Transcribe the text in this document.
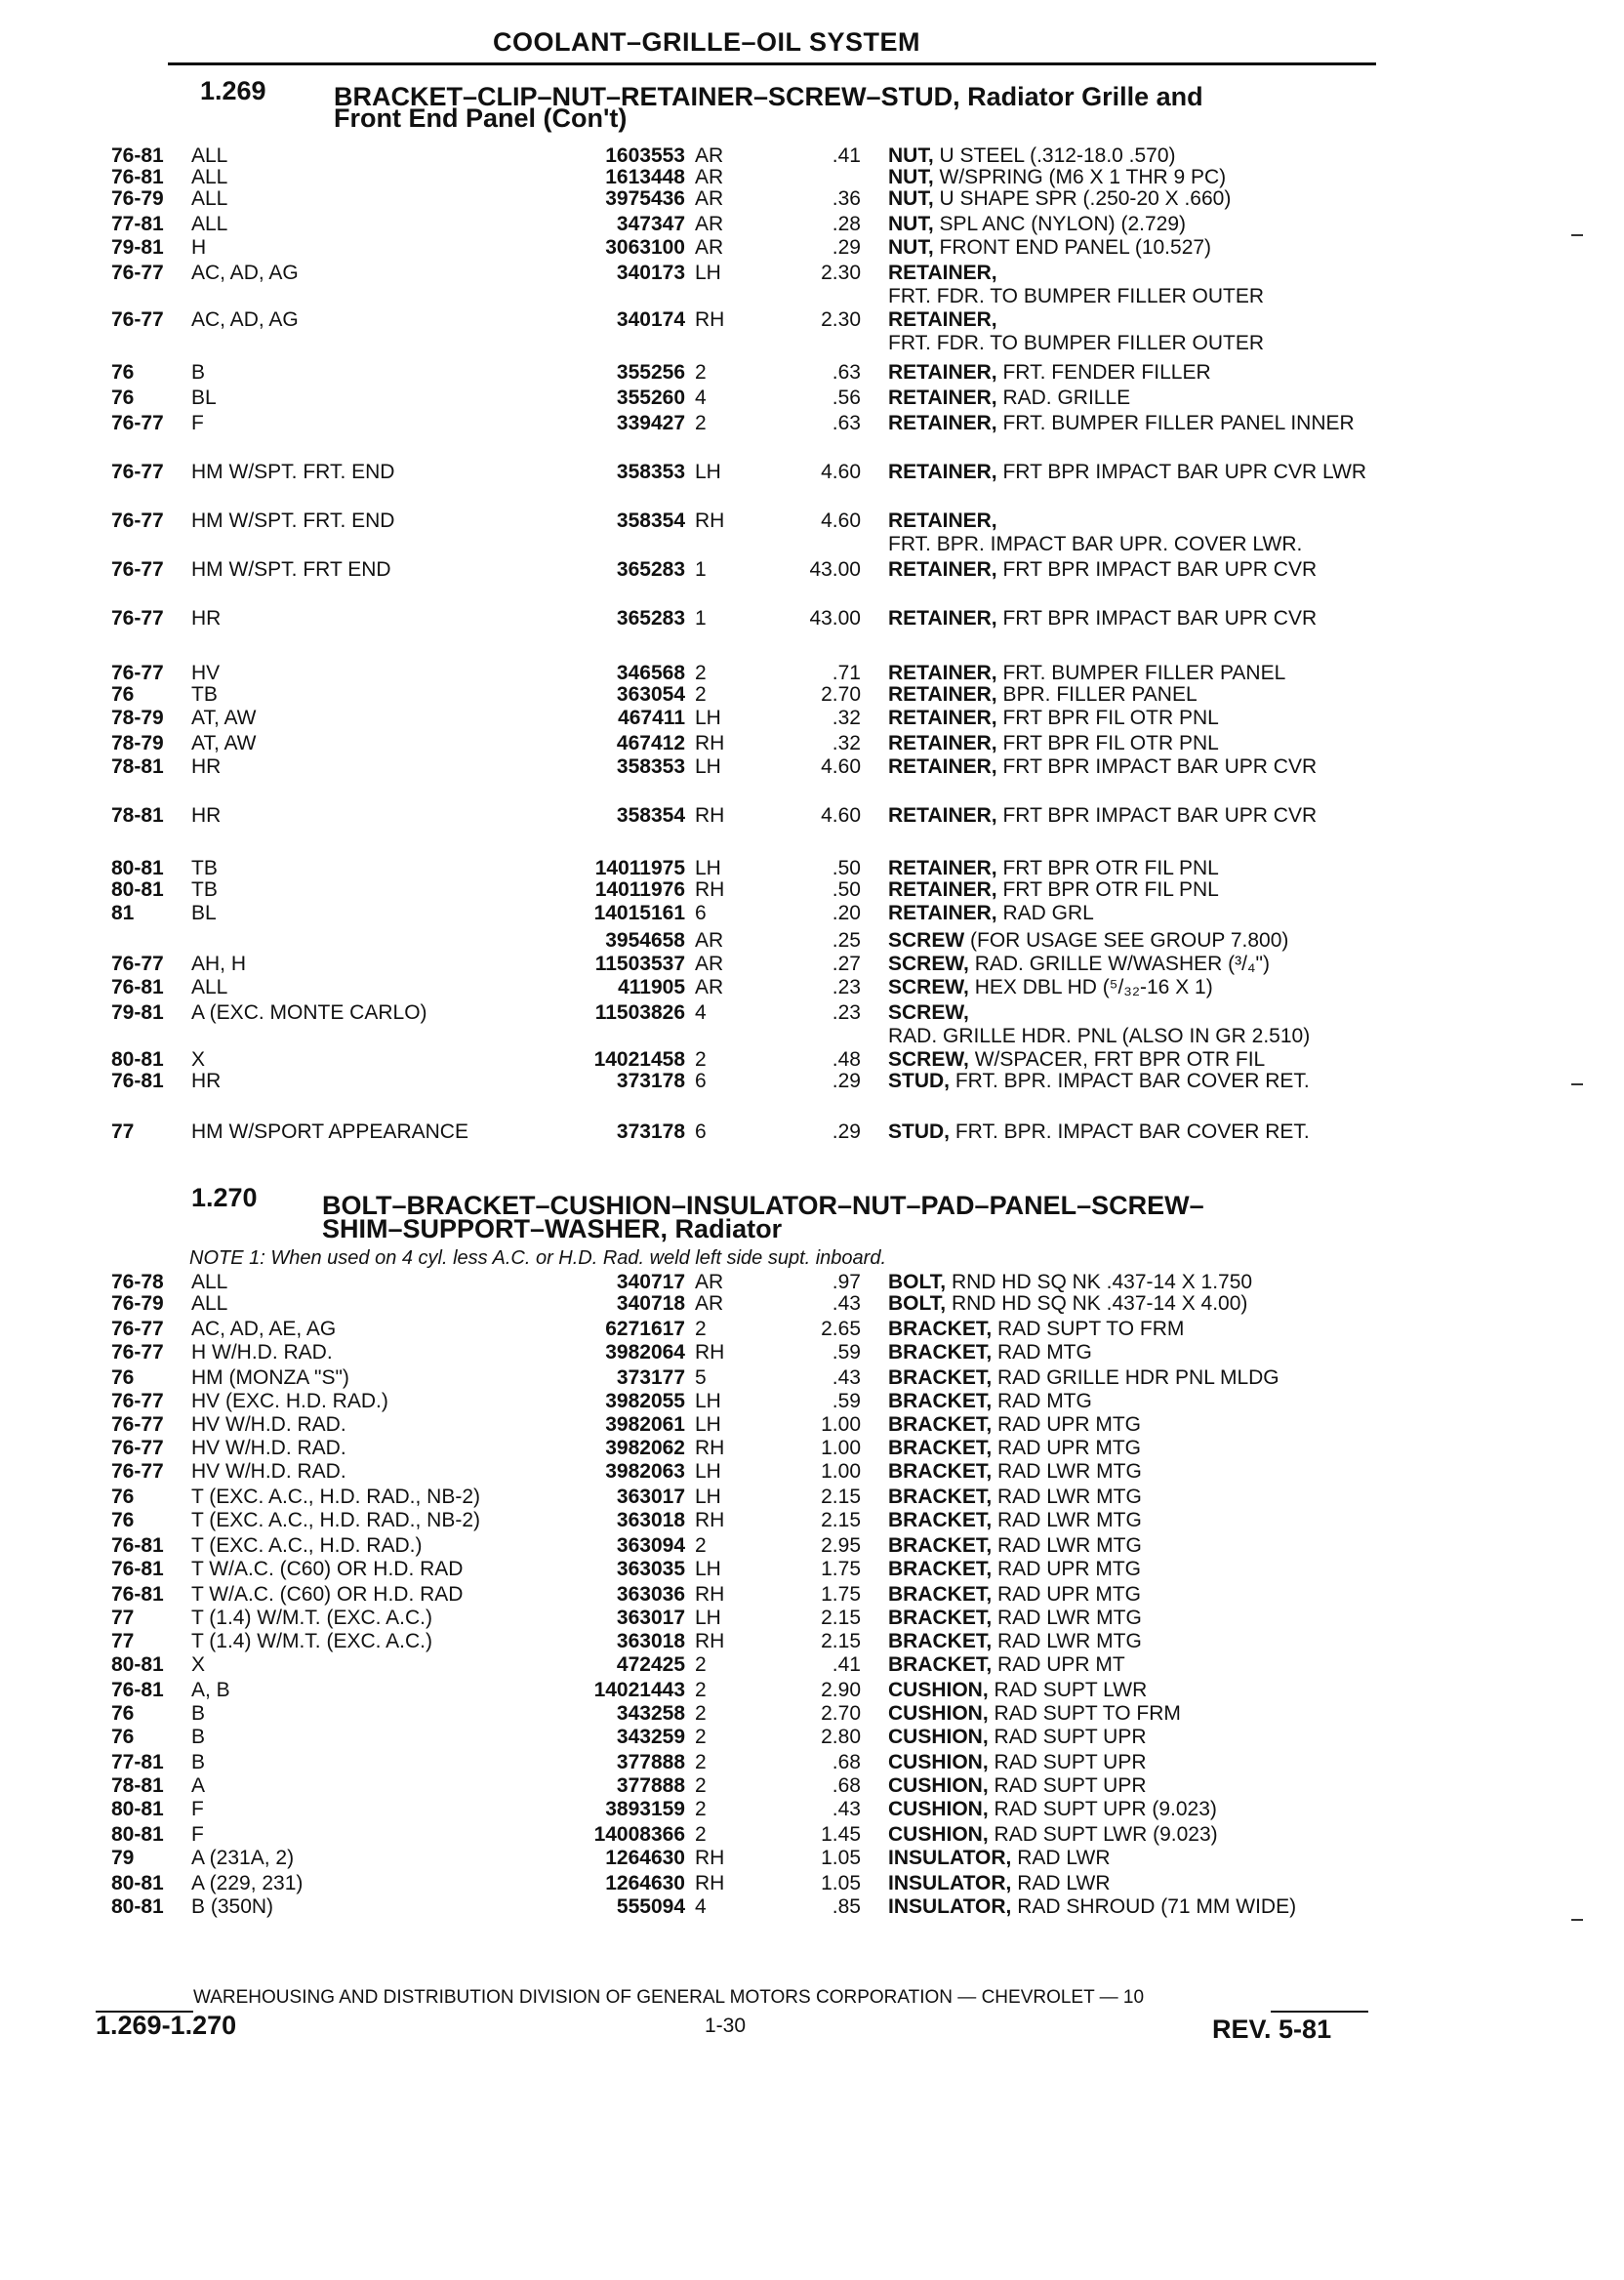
COOLANT–GRILLE–OIL SYSTEM
1.269	BRACKET–CLIP–NUT–RETAINER–SCREW–STUD, Radiator Grille and
Front End Panel (Con't)
76-81	ALL	1603553 AR	.41 NUT, U STEEL (.312-18.0 .570)
76-81	ALL	1613448 AR	NUT, W/SPRING (M6 X 1 THR 9 PC)
76-79	ALL	3975436 AR	.36 NUT, U SHAPE SPR (.250-20 X .660)
77-81	ALL	347347 AR	.28 NUT, SPL ANC (NYLON) (2.729)
79-81	H	3063100 AR	.29 NUT, FRONT END PANEL (10.527)
76-77	AC, AD, AG	340173 LH	2.30 RETAINER, FRT. FDR. TO BUMPER FILLER OUTER
76-77	AC, AD, AG	340174 RH	2.30 RETAINER, FRT. FDR. TO BUMPER FILLER OUTER
76	B	355256 2	.63 RETAINER, FRT. FENDER FILLER
76	BL	355260 4	.56 RETAINER, RAD. GRILLE
76-77	F	339427 2	.63 RETAINER, FRT. BUMPER FILLER PANEL INNER
76-77	HM W/SPT. FRT. END	358353 LH	4.60 RETAINER, FRT BPR IMPACT BAR UPR CVR LWR
76-77	HM W/SPT. FRT. END	358354 RH	4.60 RETAINER, FRT. BPR. IMPACT BAR UPR. COVER LWR.
76-77	HM W/SPT. FRT END	365283 1	43.00 RETAINER, FRT BPR IMPACT BAR UPR CVR
76-77	HR	365283 1	43.00 RETAINER, FRT BPR IMPACT BAR UPR CVR
76-77	HV	346568 2	.71 RETAINER, FRT. BUMPER FILLER PANEL
76	TB	363054 2	2.70 RETAINER, BPR. FILLER PANEL
78-79	AT, AW	467411 LH	.32 RETAINER, FRT BPR FIL OTR PNL
78-79	AT, AW	467412 RH	.32 RETAINER, FRT BPR FIL OTR PNL
78-81	HR	358353 LH	4.60 RETAINER, FRT BPR IMPACT BAR UPR CVR
78-81	HR	358354 RH	4.60 RETAINER, FRT BPR IMPACT BAR UPR CVR
80-81	TB	14011975 LH	.50 RETAINER, FRT BPR OTR FIL PNL
80-81	TB	14011976 RH	.50 RETAINER, FRT BPR OTR FIL PNL
81	BL	14015161 6	.20 RETAINER, RAD GRL
3954658 AR	.25 SCREW (FOR USAGE SEE GROUP 7.800)
76-77	AH, H	11503537 AR	.27 SCREW, RAD. GRILLE W/WASHER (³/₄")
76-81	ALL	411905 AR	.23 SCREW, HEX DBL HD (⁵/₃₂-16 X 1)
79-81	A (EXC. MONTE CARLO)	11503826 4	.23 SCREW, RAD. GRILLE HDR. PNL (ALSO IN GR 2.510)
80-81	X	14021458 2	.48 SCREW, W/SPACER, FRT BPR OTR FIL
76-81	HR	373178 6	.29 STUD, FRT. BPR. IMPACT BAR COVER RET.
77	HM W/SPORT APPEARANCE	373178 6	.29 STUD, FRT. BPR. IMPACT BAR COVER RET.
1.270 BOLT–BRACKET–CUSHION–INSULATOR–NUT–PAD–PANEL–SCREW–
SHIM–SUPPORT–WASHER, Radiator
NOTE 1: When used on 4 cyl. less A.C. or H.D. Rad. weld left side supt. inboard.
76-78	ALL	340717 AR	.97 BOLT, RND HD SQ NK .437-14 X 1.750
76-79	ALL	340718 AR	.43 BOLT, RND HD SQ NK .437-14 X 4.00)
76-77	AC, AD, AE, AG	6271617 2	2.65 BRACKET, RAD SUPT TO FRM
76-77	H W/H.D. RAD.	3982064 RH	.59 BRACKET, RAD MTG
76	HM (MONZA "S")	373177 5	.43 BRACKET, RAD GRILLE HDR PNL MLDG
76-77	HV (EXC. H.D. RAD.)	3982055 LH	.59 BRACKET, RAD MTG
76-77	HV W/H.D. RAD.	3982061 LH	1.00 BRACKET, RAD UPR MTG
76-77	HV W/H.D. RAD.	3982062 RH	1.00 BRACKET, RAD UPR MTG
76-77	HV W/H.D. RAD.	3982063 LH	1.00 BRACKET, RAD LWR MTG
76	T (EXC. A.C., H.D. RAD., NB-2)	363017 LH	2.15 BRACKET, RAD LWR MTG
76	T (EXC. A.C., H.D. RAD., NB-2)	363018 RH	2.15 BRACKET, RAD LWR MTG
76-81	T (EXC. A.C., H.D. RAD.)	363094 2	2.95 BRACKET, RAD LWR MTG
76-81	T W/A.C. (C60) OR H.D. RAD	363035 LH	1.75 BRACKET, RAD UPR MTG
76-81	T W/A.C. (C60) OR H.D. RAD	363036 RH	1.75 BRACKET, RAD UPR MTG
77	T (1.4) W/M.T. (EXC. A.C.)	363017 LH	2.15 BRACKET, RAD LWR MTG
77	T (1.4) W/M.T. (EXC. A.C.)	363018 RH	2.15 BRACKET, RAD LWR MTG
80-81	X	472425 2	.41 BRACKET, RAD UPR MT
76-81	A, B	14021443 2	2.90 CUSHION, RAD SUPT LWR
76	B	343258 2	2.70 CUSHION, RAD SUPT TO FRM
76	B	343259 2	2.80 CUSHION, RAD SUPT UPR
77-81	B	377888 2	.68 CUSHION, RAD SUPT UPR
78-81	A	377888 2	.68 CUSHION, RAD SUPT UPR
80-81	F	3893159 2	.43 CUSHION, RAD SUPT UPR (9.023)
80-81	F	14008366 2	1.45 CUSHION, RAD SUPT LWR (9.023)
79	A (231A, 2)	1264630 RH	1.05 INSULATOR, RAD LWR
80-81	A (229, 231)	1264630 RH	1.05 INSULATOR, RAD LWR
80-81	B (350N)	555094 4	.85 INSULATOR, RAD SHROUD (71 MM WIDE)
WAREHOUSING AND DISTRIBUTION DIVISION OF GENERAL MOTORS CORPORATION — CHEVROLET — 10
1.269-1.270	1-30	REV. 5-81
